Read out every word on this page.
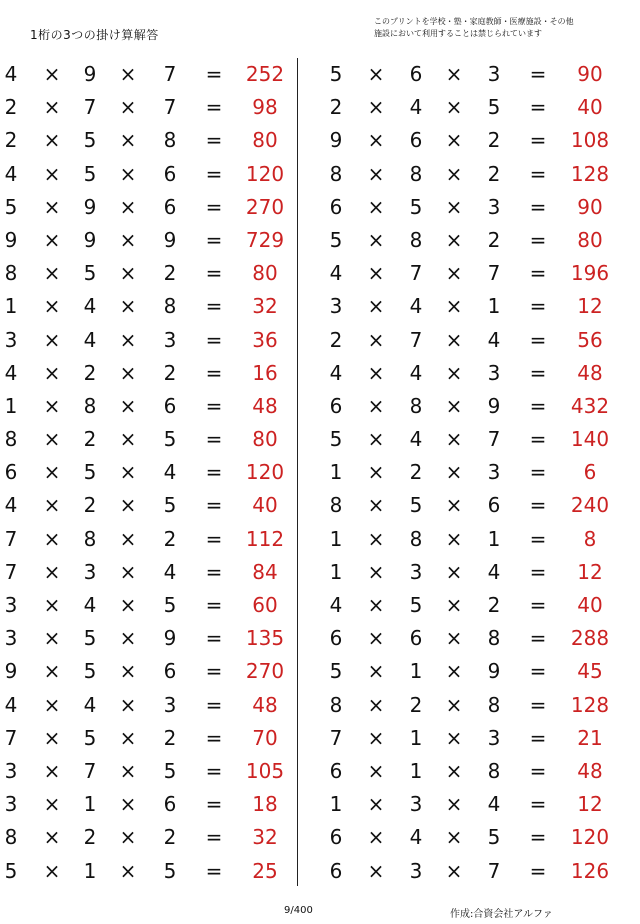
1桁の3つの掛け算解答
このプリントを学校・塾・家庭教師・医療施設・その他
施設において利用することは禁じられています
4	×	9	×	7	=	252
2	×	7	×	7	=	98
2	×	5	×	8	=	80
4	×	5	×	6	=	120
5	×	9	×	6	=	270
9	×	9	×	9	=	729
8	×	5	×	2	=	80
1	×	4	×	8	=	32
3	×	4	×	3	=	36
4	×	2	×	2	=	16
1	×	8	×	6	=	48
8	×	2	×	5	=	80
6	×	5	×	4	=	120
4	×	2	×	5	=	40
7	×	8	×	2	=	112
7	×	3	×	4	=	84
3	×	4	×	5	=	60
3	×	5	×	9	=	135
9	×	5	×	6	=	270
4	×	4	×	3	=	48
7	×	5	×	2	=	70
3	×	7	×	5	=	105
3	×	1	×	6	=	18
8	×	2	×	2	=	32
5	×	1	×	5	=	25
5	×	6	×	3	=	90
2	×	4	×	5	=	40
9	×	6	×	2	=	108
8	×	8	×	2	=	128
6	×	5	×	3	=	90
5	×	8	×	2	=	80
4	×	7	×	7	=	196
3	×	4	×	1	=	12
2	×	7	×	4	=	56
4	×	4	×	3	=	48
6	×	8	×	9	=	432
5	×	4	×	7	=	140
1	×	2	×	3	=	6
8	×	5	×	6	=	240
1	×	8	×	1	=	8
1	×	3	×	4	=	12
4	×	5	×	2	=	40
6	×	6	×	8	=	288
5	×	1	×	9	=	45
8	×	2	×	8	=	128
7	×	1	×	3	=	21
6	×	1	×	8	=	48
1	×	3	×	4	=	12
6	×	4	×	5	=	120
6	×	3	×	7	=	126
9/400	作成:合資会社アルファ
